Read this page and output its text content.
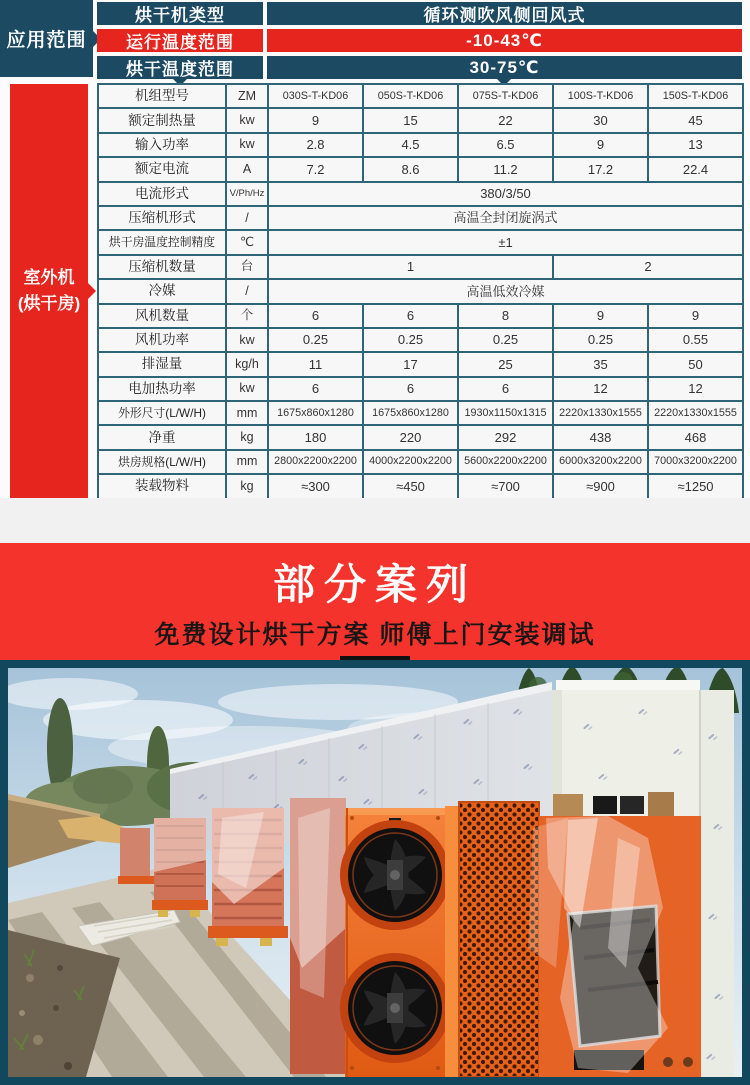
应用范围
烘干机类型	循环测吹风侧回风式
运行温度范围	-10-43℃
烘干温度范围	30-75℃
室外机
(烘干房)
机组型号	ZM	030S-T-KD06	050S-T-KD06	075S-T-KD06	100S-T-KD06	150S-T-KD06
额定制热量	kw	9	15	22	30	45
输入功率	kw	2.8	4.5	6.5	9	13
额定电流	A	7.2	8.6	11.2	17.2	22.4
电流形式	V/Ph/Hz	380/3/50				
压缩机形式	/	高温全封闭旋涡式				
烘干房温度控制精度	℃	±1				
压缩机数量	台	1			2	
冷媒	/	高温低效冷媒				
风机数量	个	6	6	8	9	9
风机功率	kw	0.25	0.25	0.25	0.25	0.55
排湿量	kg/h	11	17	25	35	50
电加热功率	kw	6	6	6	12	12
外形尺寸(L/W/H)	mm	1675x860x1280	1675x860x1280	1930x1150x1315	2220x1330x1555	2220x1330x1555
净重	kg	180	220	292	438	468
烘房规格(L/W/H)	mm	2800x2200x2200	4000x2200x2200	5600x2200x2200	6000x3200x2200	7000x3200x2200
装载物料	kg	≈300	≈450	≈700	≈900	≈1250
部分案列
免费设计烘干方案 师傅上门安装调试
